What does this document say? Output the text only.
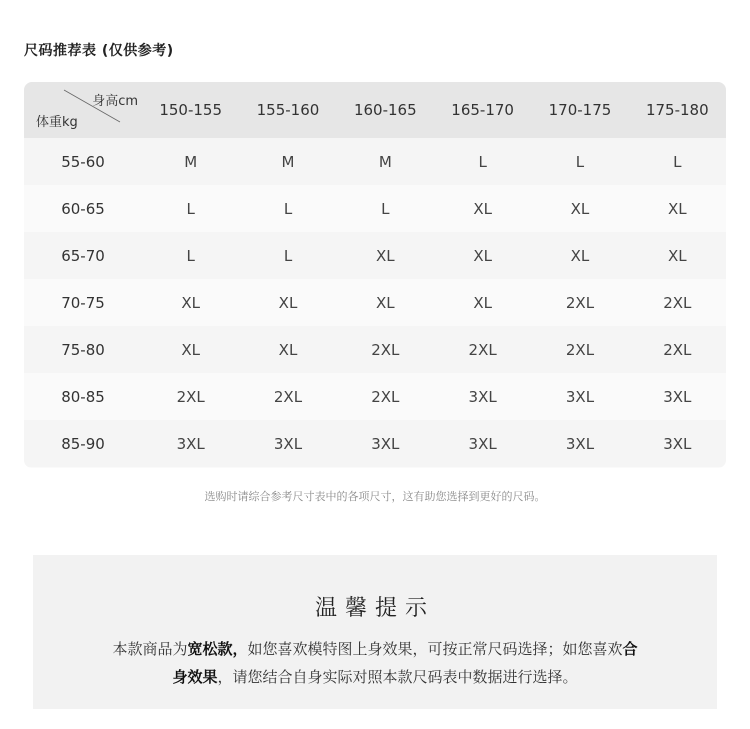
尺码推荐表 (仅供参考)
身高cm
体重kg	150-155	155-160	160-165	165-170	170-175	175-180
55-60	M	M	M	L	L	L
60-65	L	L	L	XL	XL	XL
65-70	L	L	XL	XL	XL	XL
70-75	XL	XL	XL	XL	2XL	2XL
75-80	XL	XL	2XL	2XL	2XL	2XL
80-85	2XL	2XL	2XL	3XL	3XL	3XL
85-90	3XL	3XL	3XL	3XL	3XL	3XL
选购时请综合参考尺寸表中的各项尺寸，这有助您选择到更好的尺码。
温馨提示
本款商品为宽松款，如您喜欢模特图上身效果，可按正常尺码选择；如您喜欢合
身效果，请您结合自身实际对照本款尺码表中数据进行选择。
